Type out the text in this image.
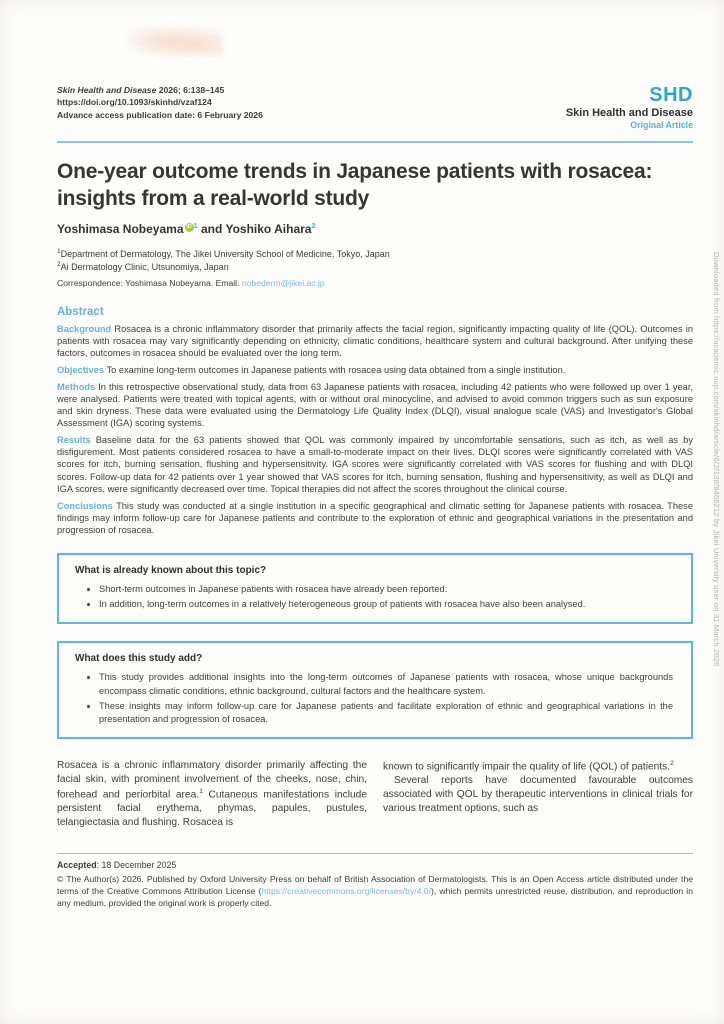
Skin Health and Disease 2026; 6:138–145
https://doi.org/10.1093/skinhd/vzaf124
Advance access publication date: 6 February 2026
SHD
Skin Health and Disease
Original Article
One-year outcome trends in Japanese patients with rosacea: insights from a real-world study
Yoshimasa Nobeyama iD $^1$ and Yoshiko Aihara$^2$
$^1$Department of Dermatology, The Jikei University School of Medicine, Tokyo, Japan
$^2$Ai Dermatology Clinic, Utsunomiya, Japan
Correspondence: Yoshimasa Nobeyama. Email: nobederm@jikei.ac.jp
Abstract
Background Rosacea is a chronic inflammatory disorder that primarily affects the facial region, significantly impacting quality of life (QOL). Outcomes in patients with rosacea may vary significantly depending on ethnicity, climatic conditions, healthcare system and cultural background. After unifying these factors, outcomes in rosacea should be evaluated over the long term.
Objectives To examine long-term outcomes in Japanese patients with rosacea using data obtained from a single institution.
Methods In this retrospective observational study, data from 63 Japanese patients with rosacea, including 42 patients who were followed up over 1 year, were analysed. Patients were treated with topical agents, with or without oral minocycline, and advised to avoid common triggers such as sun exposure and skin dryness. These data were evaluated using the Dermatology Life Quality Index (DLQI), visual analogue scale (VAS) and Investigator's Global Assessment (IGA) scoring systems.
Results Baseline data for the 63 patients showed that QOL was commonly impaired by uncomfortable sensations, such as itch, as well as by disfigurement. Most patients considered rosacea to have a small-to-moderate impact on their lives. DLQI scores were significantly correlated with VAS scores for itch, burning sensation, flushing and hypersensitivity. IGA scores were significantly correlated with VAS scores for flushing and with DLQI scores. Follow-up data for 42 patients over 1 year showed that VAS scores for itch, burning sensation, flushing and hypersensitivity, as well as DLQI and IGA scores, were significantly decreased over time. Topical therapies did not affect the scores throughout the clinical course.
Conclusions This study was conducted at a single institution in a specific geographical and climatic setting for Japanese patients with rosacea. These findings may inform follow-up care for Japanese patients and contribute to the exploration of ethnic and geographical variations in the presentation and progression of rosacea.
What is already known about this topic?
• Short-term outcomes in Japanese patients with rosacea have already been reported.
• In addition, long-term outcomes in a relatively heterogeneous group of patients with rosacea have also been analysed.
What does this study add?
• This study provides additional insights into the long-term outcomes of Japanese patients with rosacea, whose unique backgrounds encompass climatic conditions, ethnic background, cultural factors and the healthcare system.
• These insights may inform follow-up care for Japanese patients and facilitate exploration of ethnic and geographical variations in the presentation and progression of rosacea.

Rosacea is a chronic inflammatory disorder primarily affecting the facial skin, with prominent involvement of the cheeks, nose, chin, forehead and periorbital area.$^1$ Cutaneous manifestations include persistent facial erythema, phymas, papules, pustules, telangiectasia and flushing. Rosacea is

known to significantly impair the quality of life (QOL) of patients.$^2$

Several reports have documented favourable outcomes associated with QOL by therapeutic interventions in clinical trials for various treatment options, such as

Accepted: 18 December 2025
© The Author(s) 2026. Published by Oxford University Press on behalf of British Association of Dermatologists. This is an Open Access article distributed under the terms of the Creative Commons Attribution License (https://creativecommons.org/licenses/by/4.0/), which permits unrestricted reuse, distribution, and reproduction in any medium, provided the original work is properly cited.
Downloaded from https://academic.oup.com/skinhd/article/6/2/138/8466212 by Jikei University user on 31 March 2026
